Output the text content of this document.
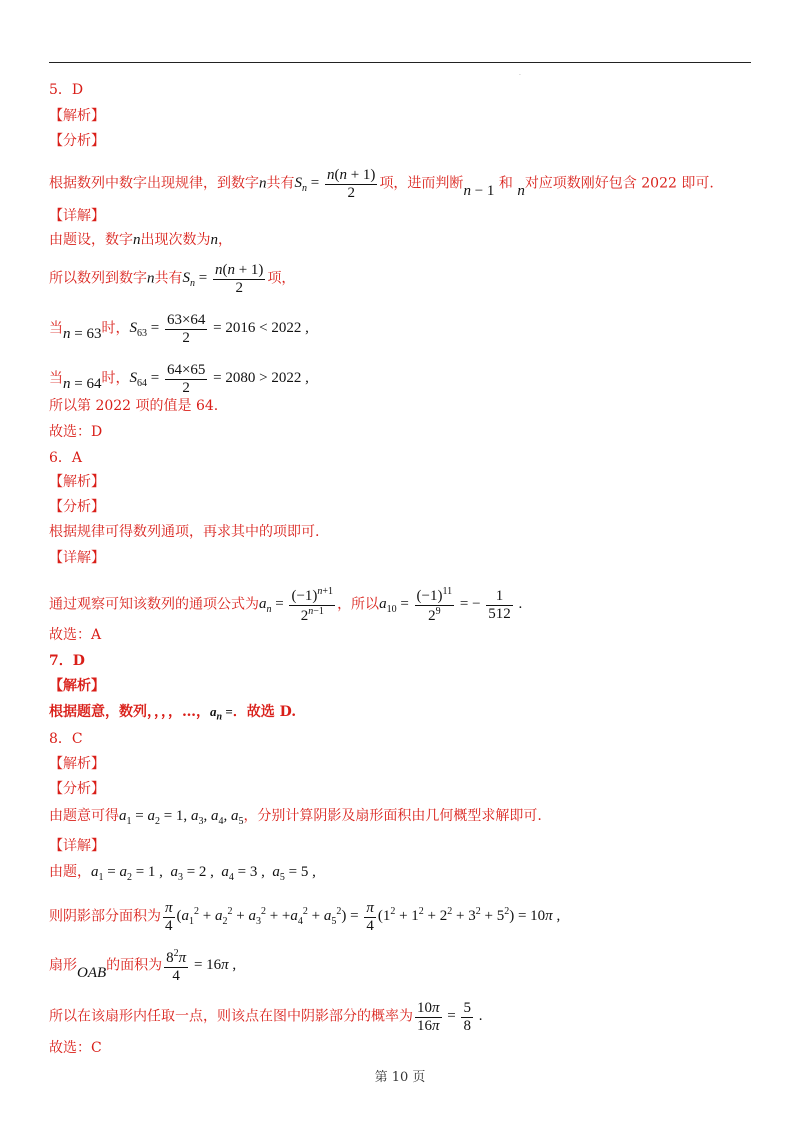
·
5．D
【解析】
【分析】
根据数列中数字出现规律，到数字n共有$S_n = \frac{n(n + 1)}{2}$ 项，进而判断n − 1 和 n对应项数刚好包含 2022 即可.
【详解】
由题设，数字n出现次数为n，
所以数列到数字n共有$S_n = \frac{n(n + 1)}{2}$ 项，
当n = 63时，$S_{63} = \frac{63\times 64}{2} = 2016 < 2022$ ,
当n = 64时，$S_{64} = \frac{64\times 65}{2} = 2080 > 2022$ ,
所以第 2022 项的值是 64.
故选：D
6．A
【解析】
【分析】
根据规律可得数列通项，再求其中的项即可.
【详解】
通过观察可知该数列的通项公式为$a_n = \frac{(-1)^{n+1}}{2^{n-1}}$ ，所以$a_{10} = \frac{(-1)^{11}}{2^9}$ = − $\frac{1}{512}$ .
故选：A
7．D
【解析】
根据题意，数列，，，，…，$a_n$ =．故选 D.
8．C
【解析】
【分析】
由题意可得$a_1 = a_2 = 1$, $a_3$, $a_4$, $a_5$，分别计算阴影及扇形面积由几何概型求解即可.
【详解】
由题，$a_1 = a_2 = 1$ ,  $a_3 = 2$ ,  $a_4 = 3$ ,  $a_5 = 5$ ,
则阴影部分面积为 $\frac{\pi}{4} (a_1^2 + a_2^2 + a_3^2 + +a_4^2 + a_5^2) = \frac{\pi}{4} (1^2 + 1^2 + 2^2 + 3^2 + 5^2) = 10\pi$ ,
扇形OAB的面积为 $\frac{8^2\pi}{4} = 16\pi$ ,
所以在该扇形内任取一点，则该点在图中阴影部分的概率为 $\frac{10\pi}{16\pi} = \frac{5}{8}$ .
故选：C
第 10 页
